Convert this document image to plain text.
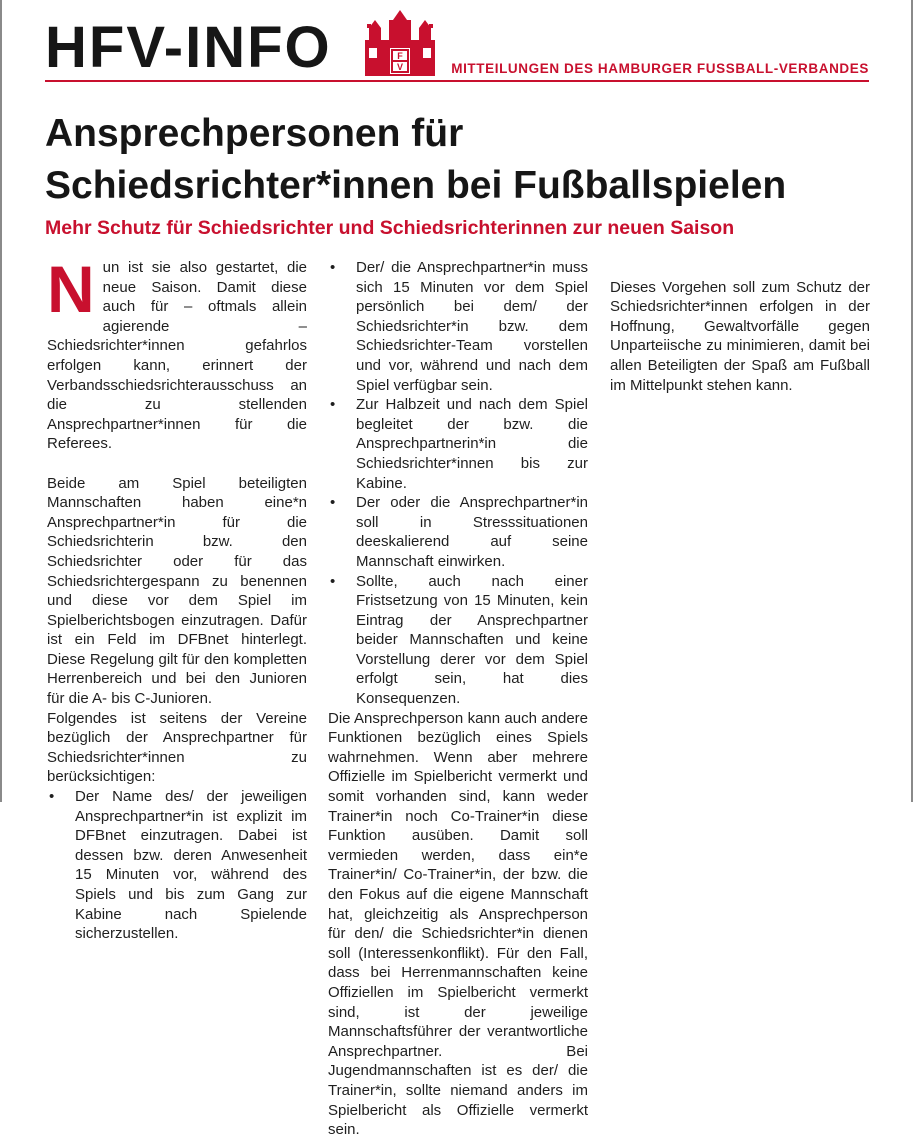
HFV-INFO	F
V	MITTEILUNGEN DES HAMBURGER FUSSBALL-VERBANDES
Ansprechpersonen für
Schiedsrichter*innen bei Fußballspielen
Mehr Schutz für Schiedsrichter und Schiedsrichterinnen zur neuen Saison

Nun ist sie also gestartet, die neue Saison. Damit diese auch für – oftmals allein agierende – Schiedsrichter*innen gefahrlos erfolgen kann, erinnert der Verbandsschiedsrichterausschuss an die zu stellenden Ansprechpartner*innen für die Referees.

Beide am Spiel beteiligten Mannschaften haben eine*n Ansprechpartner*in für die Schiedsrichterin bzw. den Schiedsrichter oder für das Schiedsrichtergespann zu benennen und diese vor dem Spiel im Spielberichtsbogen einzutragen. Dafür ist ein Feld im DFBnet hinterlegt. Diese Regelung gilt für den kompletten Herrenbereich und bei den Junioren für die A- bis C-Junioren.

Folgendes ist seitens der Vereine bezüglich der Ansprechpartner für Schiedsrichter*innen zu berücksichtigen:

• Der Name des/ der jeweiligen Ansprechpartner*in ist explizit im DFBnet einzutragen. Dabei ist dessen bzw. deren Anwesenheit 15 Minuten vor, während des Spiels und bis zum Gang zur Kabine nach Spielende sicherzustellen.
• Der/ die Ansprechpartner*in muss sich 15 Minuten vor dem Spiel persönlich bei dem/ der Schiedsrichter*in bzw. dem Schiedsrichter-Team vorstellen und vor, während und nach dem Spiel verfügbar sein.
• Zur Halbzeit und nach dem Spiel begleitet der bzw. die Ansprechpartnerin*in die Schiedsrichter*innen bis zur Kabine.
• Der oder die Ansprechpartner*in soll in Stresssituationen deeskalierend auf seine Mannschaft einwirken.
• Sollte, auch nach einer Fristsetzung von 15 Minuten, kein Eintrag der Ansprechpartner beider Mannschaften und keine Vorstellung derer vor dem Spiel erfolgt sein, hat dies Konsequenzen.

Die Ansprechperson kann auch andere Funktionen bezüglich eines Spiels wahrnehmen. Wenn aber mehrere Offizielle im Spielbericht vermerkt und somit vorhanden sind, kann weder Trainer*in noch Co-Trainer*in diese Funktion ausüben. Damit soll vermieden werden, dass ein*e Trainer*in/ Co-Trainer*in, der bzw. die den Fokus auf die eigene Mannschaft hat, gleichzeitig als Ansprechperson für den/ die Schiedsrichter*in dienen soll (Interessenkonflikt). Für den Fall, dass bei Herrenmannschaften keine Offiziellen im Spielbericht vermerkt sind, ist der jeweilige Mannschaftsführer der verantwortliche Ansprechpartner. Bei Jugendmannschaften ist es der/ die Trainer*in, sollte niemand anders im Spielbericht als Offizielle vermerkt sein.

Dieses Vorgehen soll zum Schutz der Schiedsrichter*innen erfolgen in der Hoffnung, Gewaltvorfälle gegen Unparteiische zu minimieren, damit bei allen Beteiligten der Spaß am Fußball im Mittelpunkt stehen kann.
